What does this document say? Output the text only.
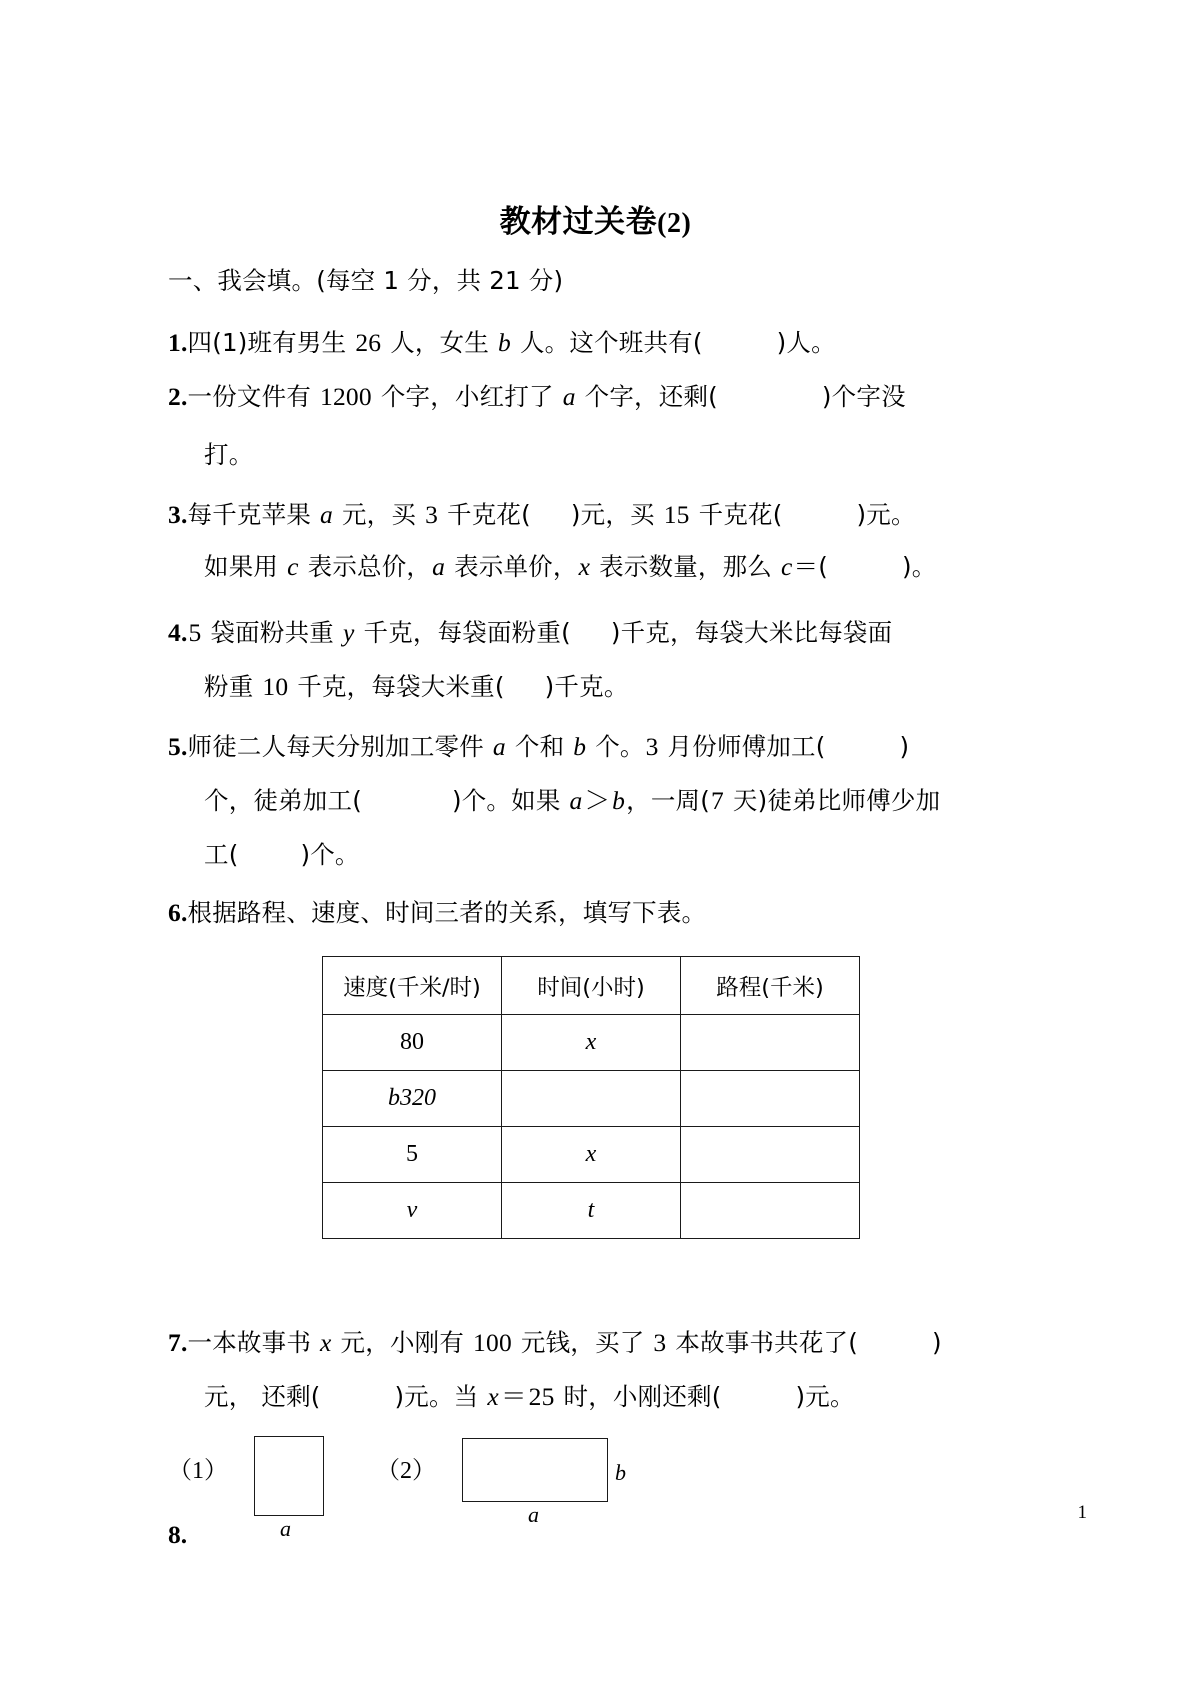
教材过关卷(2)
一、我会填。(每空 1 分，共 21 分)
1.四(1)班有男生 26 人，女生 b 人。这个班共有(	)人。
2.一份文件有 1200 个字，小红打了 a 个字，还剩(	)个字没
打。
3.每千克苹果 a 元，买 3 千克花( )元，买 15 千克花(	)元。
如果用 c 表示总价，a 表示单价，x 表示数量，那么 c＝(	)。
4.5 袋面粉共重 y 千克，每袋面粉重( )千克，每袋大米比每袋面
粉重 10 千克，每袋大米重( )千克。
5.师徒二人每天分别加工零件 a 个和 b 个。3 月份师傅加工(	)
个，徒弟加工(	)个。如果 a＞b，一周(7 天)徒弟比师傅少加
工(	)个。
6.根据路程、速度、时间三者的关系，填写下表。
速度(千米/时)	时间(小时)	路程(千米)
80	x	
b320		
5	x	
v	t	
7.一本故事书 x 元，小刚有 100 元钱，买了 3 本故事书共花了(	)
元， 还剩(	)元。当 x＝25 时，小刚还剩(	)元。
8.
（1）
a
（2）	b
a	1
